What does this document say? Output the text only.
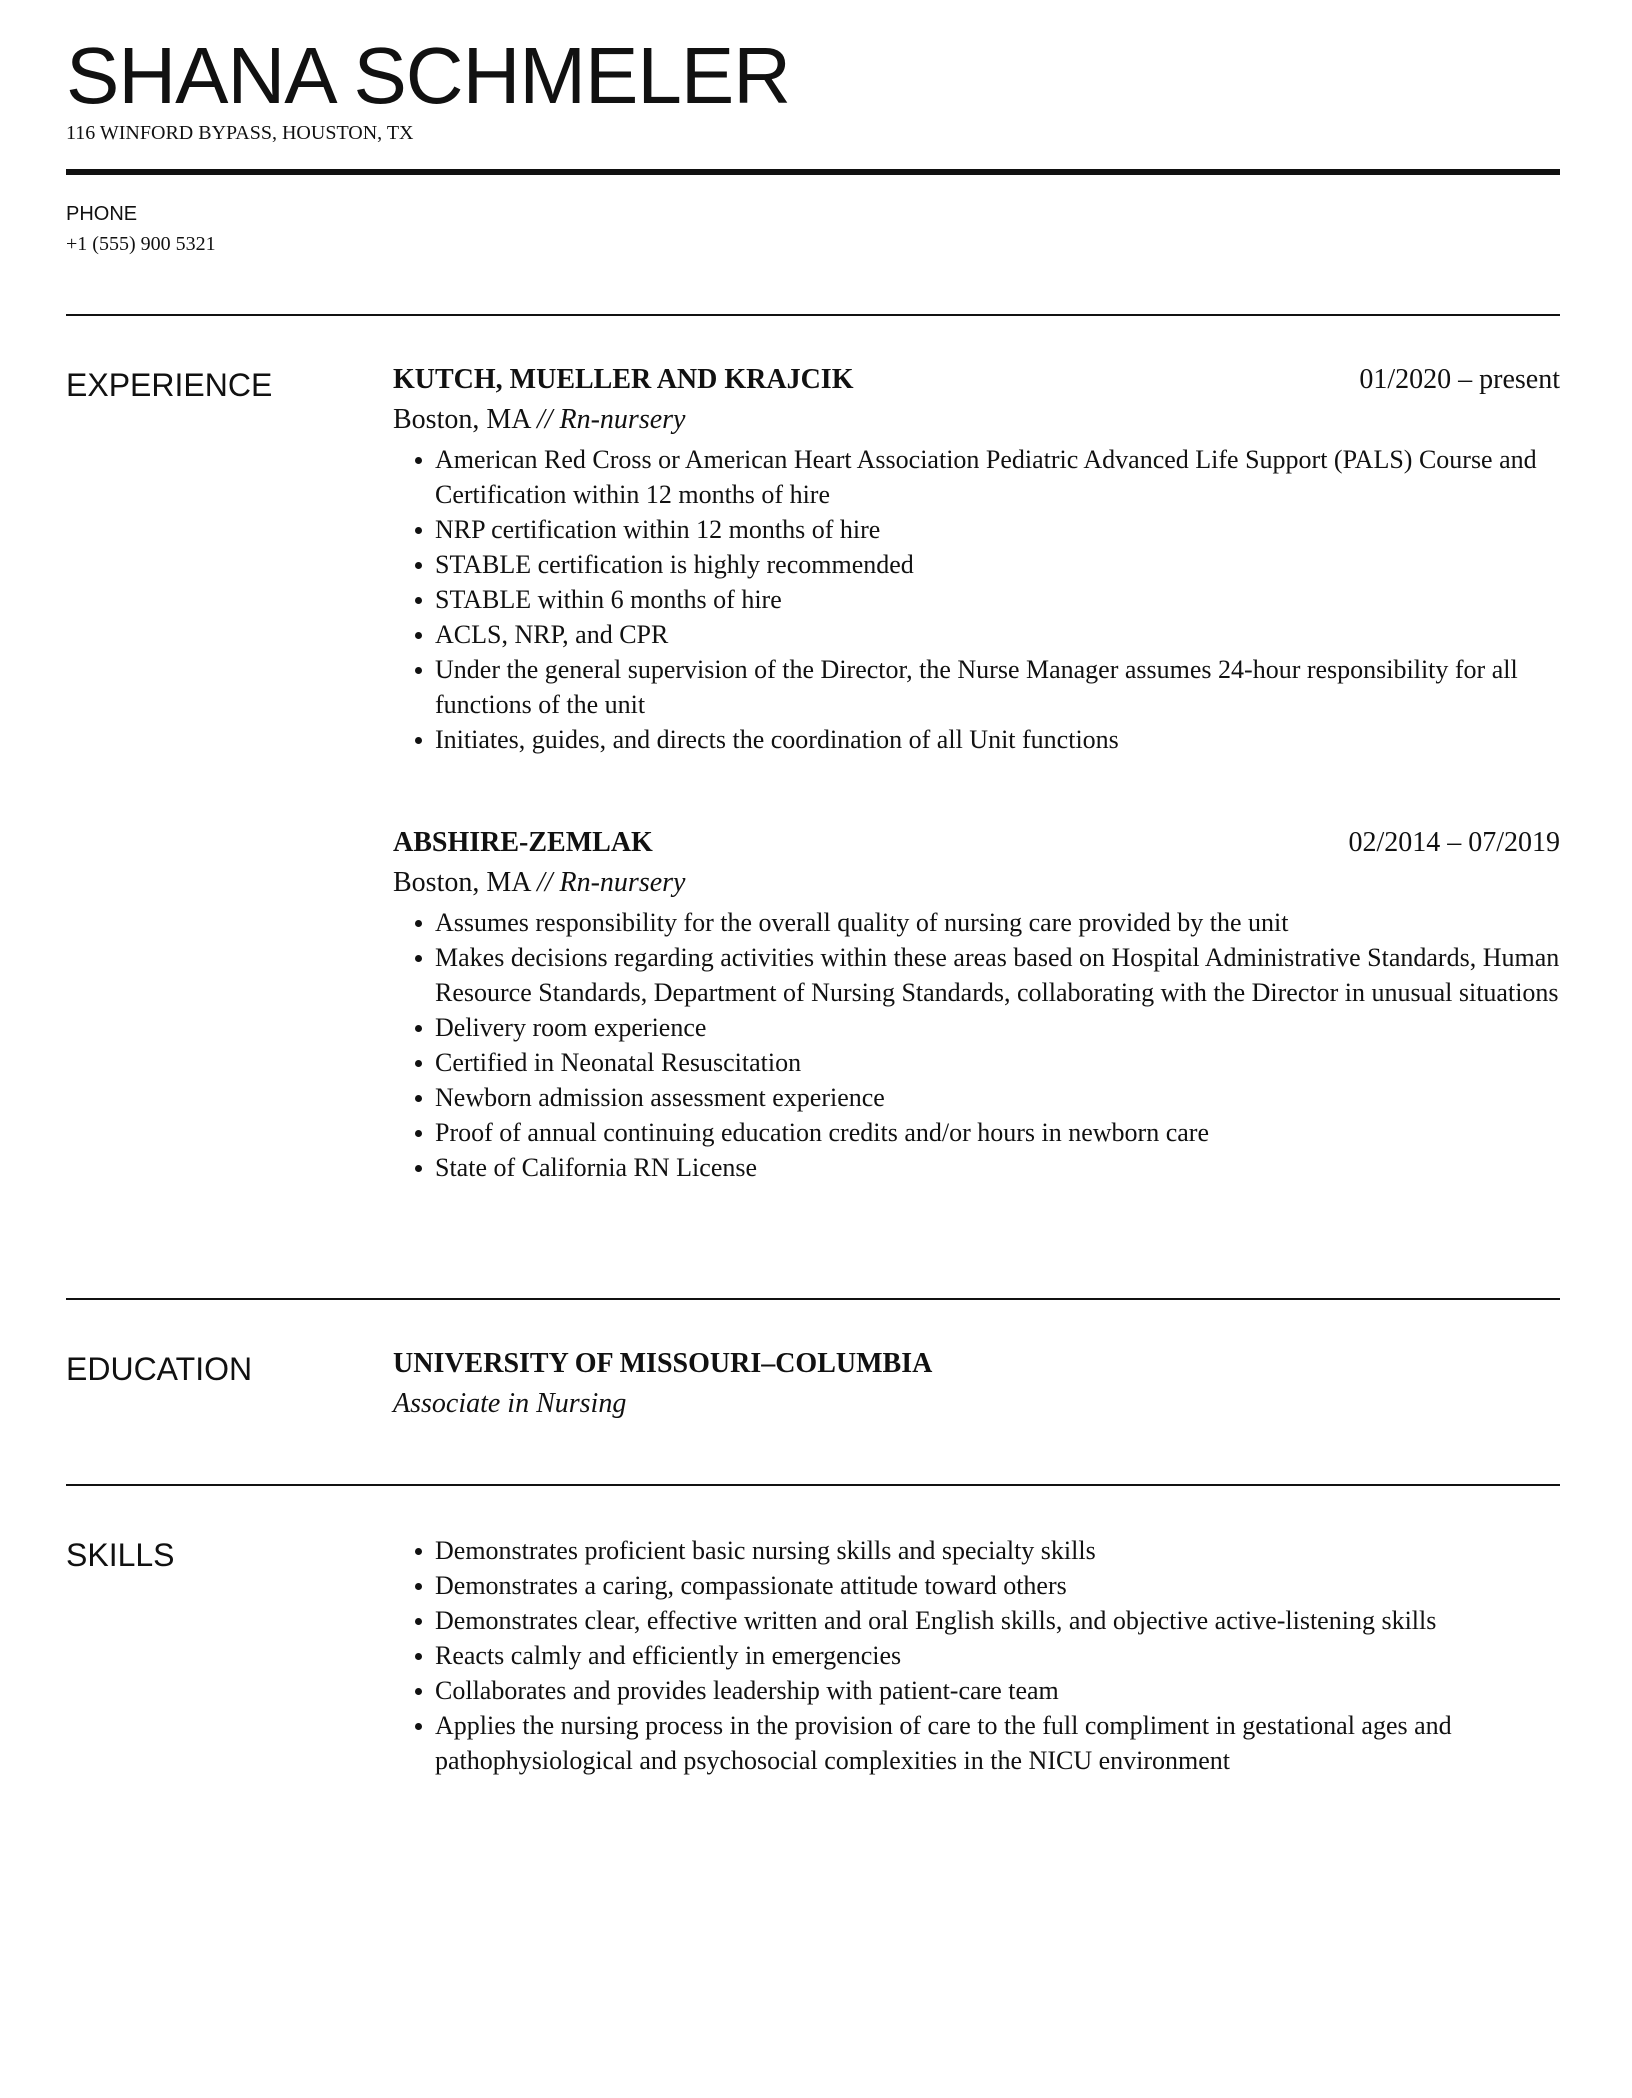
SHANA SCHMELER
116 WINFORD BYPASS, HOUSTON, TX
PHONE
+1 (555) 900 5321
EXPERIENCE	KUTCH, MUELLER AND KRAJCIK	01/2020 – present
Boston, MA // Rn-nursery
American Red Cross or American Heart Association Pediatric Advanced Life Support (PALS) Course and Certification within 12 months of hire
NRP certification within 12 months of hire
STABLE certification is highly recommended
STABLE within 6 months of hire
ACLS, NRP, and CPR
Under the general supervision of the Director, the Nurse Manager assumes 24-hour responsibility for all functions of the unit
Initiates, guides, and directs the coordination of all Unit functions
ABSHIRE-ZEMLAK	02/2014 – 07/2019
Boston, MA // Rn-nursery
Assumes responsibility for the overall quality of nursing care provided by the unit
Makes decisions regarding activities within these areas based on Hospital Administrative Standards, Human Resource Standards, Department of Nursing Standards, collaborating with the Director in unusual situations
Delivery room experience
Certified in Neonatal Resuscitation
Newborn admission assessment experience
Proof of annual continuing education credits and/or hours in newborn care
State of California RN License
EDUCATION	UNIVERSITY OF MISSOURI–COLUMBIA
Associate in Nursing
SKILLS	Demonstrates proficient basic nursing skills and specialty skills
Demonstrates a caring, compassionate attitude toward others
Demonstrates clear, effective written and oral English skills, and objective active-listening skills
Reacts calmly and efficiently in emergencies
Collaborates and provides leadership with patient-care team
Applies the nursing process in the provision of care to the full compliment in gestational ages and pathophysiological and psychosocial complexities in the NICU environment
